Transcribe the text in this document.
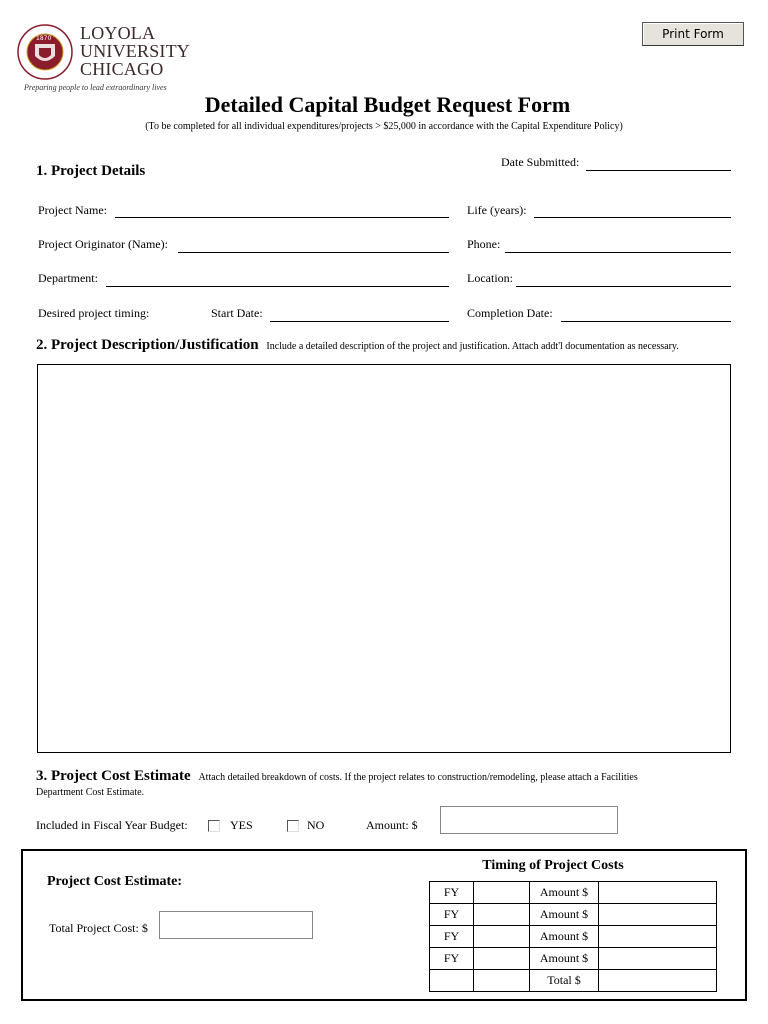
1870 LOYOLA
UNIVERSITY
CHICAGO
Preparing people to lead extraordinary lives
Print Form
Detailed Capital Budget Request Form
(To be completed for all individual expenditures/projects > $25,000 in accordance with the Capital Expenditure Policy)
1. Project Details
Date Submitted:
Project Name:	Life (years):
Project Originator (Name):	Phone:
Department:	Location:
Desired project timing:	Start Date:	Completion Date:
2. Project Description/Justification Include a detailed description of the project and justification. Attach addt'l documentation as necessary.
3. Project Cost Estimate Attach detailed breakdown of costs. If the project relates to construction/remodeling, please attach a Facilities
Department Cost Estimate.
Included in Fiscal Year Budget:	YES	NO	Amount: $
Project Cost Estimate:
Total Project Cost: $
Timing of Project Costs
FY		Amount $	
FY		Amount $	
FY		Amount $	
FY		Amount $	
		Total $	
